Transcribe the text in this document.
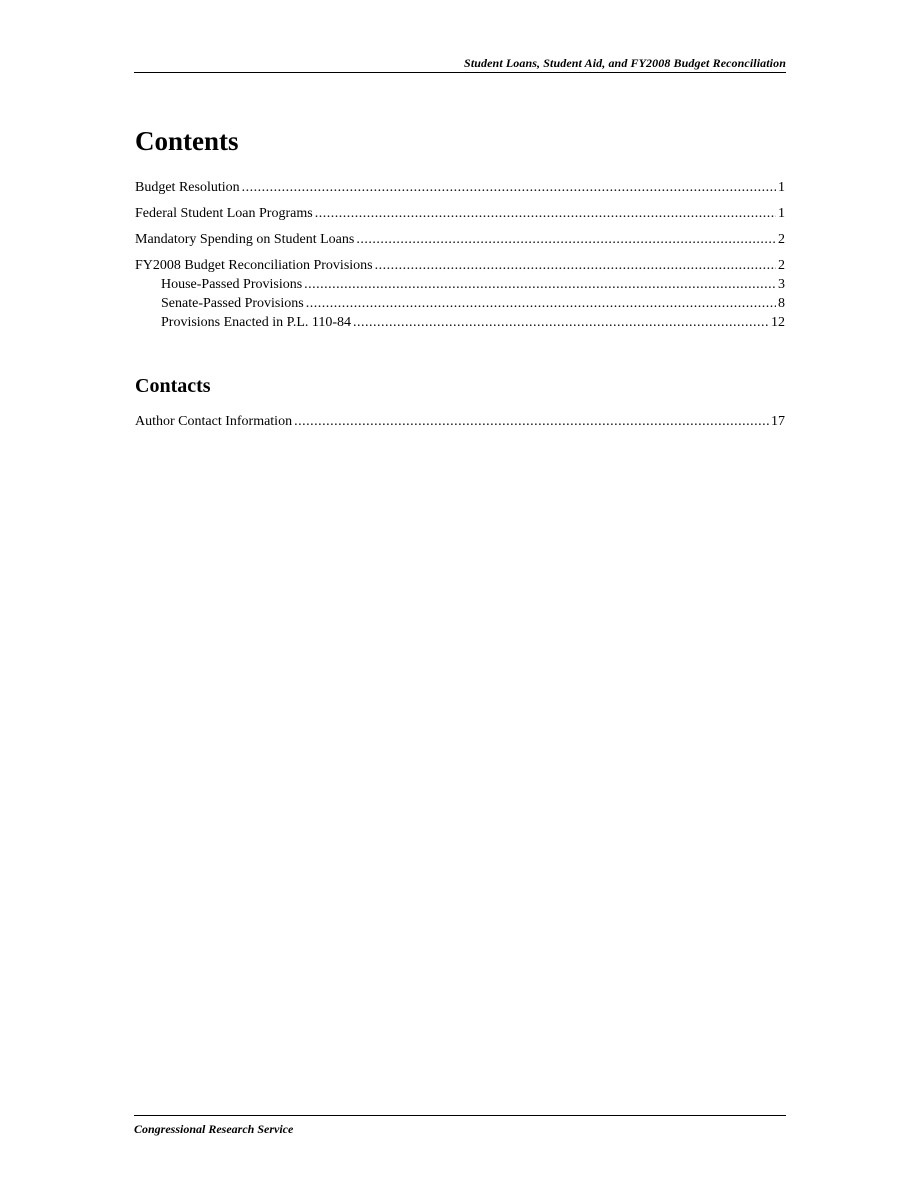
Student Loans, Student Aid, and FY2008 Budget Reconciliation
Contents
Budget Resolution .....	1
Federal Student Loan Programs .....	1
Mandatory Spending on Student Loans .....	2
FY2008 Budget Reconciliation Provisions .....	2
House-Passed Provisions .....	3
Senate-Passed Provisions .....	8
Provisions Enacted in P.L. 110-84 .....	12
Contacts
Author Contact Information .....	17
Congressional Research Service
